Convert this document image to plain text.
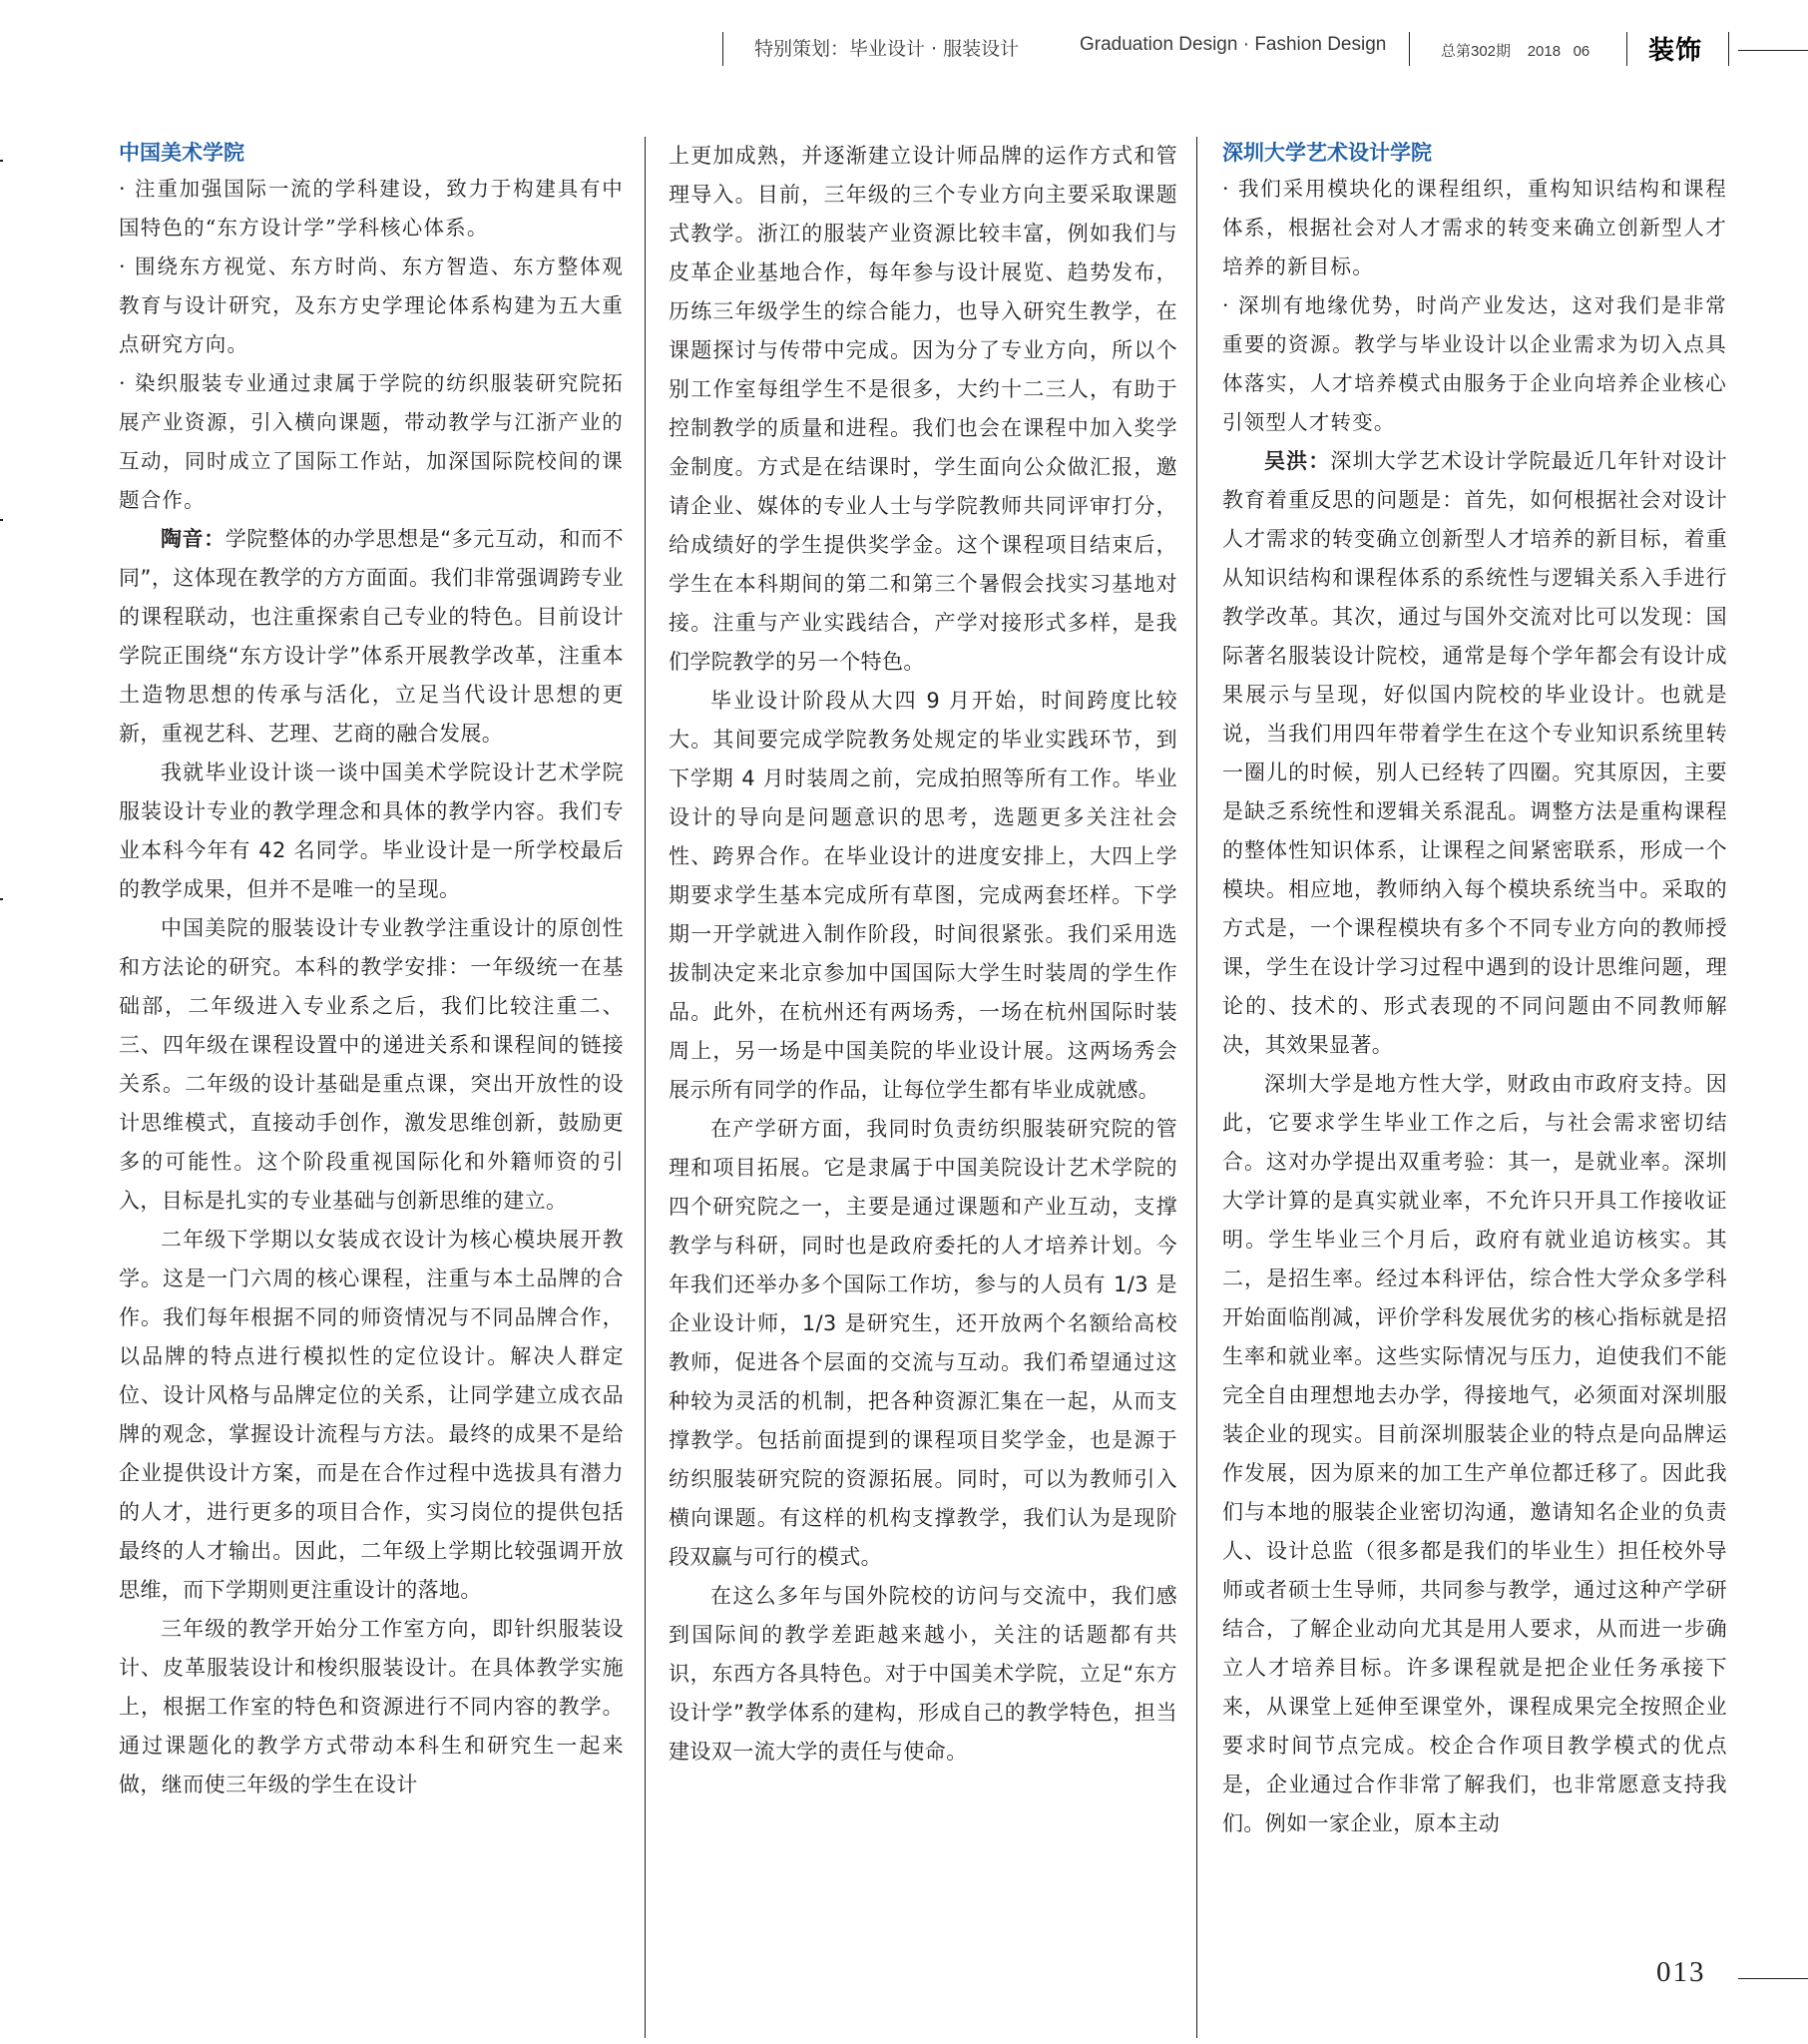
特别策划：毕业设计 · 服装设计	Graduation Design · Fashion Design	总第302期 2018 06 装饰
中国美术学院
· 注重加强国际一流的学科建设，致力于构建具有中国特色的“东方设计学”学科核心体系。
· 围绕东方视觉、东方时尚、东方智造、东方整体观教育与设计研究，及东方史学理论体系构建为五大重点研究方向。
· 染织服装专业通过隶属于学院的纺织服装研究院拓展产业资源，引入横向课题，带动教学与江浙产业的互动，同时成立了国际工作站，加深国际院校间的课题合作。

陶音：学院整体的办学思想是“多元互动，和而不同”，这体现在教学的方方面面。我们非常强调跨专业的课程联动，也注重探索自己专业的特色。目前设计学院正围绕“东方设计学”体系开展教学改革，注重本土造物思想的传承与活化，立足当代设计思想的更新，重视艺科、艺理、艺商的融合发展。

我就毕业设计谈一谈中国美术学院设计艺术学院服装设计专业的教学理念和具体的教学内容。我们专业本科今年有 42 名同学。毕业设计是一所学校最后的教学成果，但并不是唯一的呈现。

中国美院的服装设计专业教学注重设计的原创性和方法论的研究。本科的教学安排：一年级统一在基础部，二年级进入专业系之后，我们比较注重二、三、四年级在课程设置中的递进关系和课程间的链接关系。二年级的设计基础是重点课，突出开放性的设计思维模式，直接动手创作，激发思维创新，鼓励更多的可能性。这个阶段重视国际化和外籍师资的引入，目标是扎实的专业基础与创新思维的建立。

二年级下学期以女装成衣设计为核心模块展开教学。这是一门六周的核心课程，注重与本土品牌的合作。我们每年根据不同的师资情况与不同品牌合作，以品牌的特点进行模拟性的定位设计。解决人群定位、设计风格与品牌定位的关系，让同学建立成衣品牌的观念，掌握设计流程与方法。最终的成果不是给企业提供设计方案，而是在合作过程中选拔具有潜力的人才，进行更多的项目合作，实习岗位的提供包括最终的人才输出。因此，二年级上学期比较强调开放思维，而下学期则更注重设计的落地。

三年级的教学开始分工作室方向，即针织服装设计、皮革服装设计和梭织服装设计。在具体教学实施上，根据工作室的特色和资源进行不同内容的教学。通过课题化的教学方式带动本科生和研究生一起来做，继而使三年级的学生在设计

上更加成熟，并逐渐建立设计师品牌的运作方式和管理导入。目前，三年级的三个专业方向主要采取课题式教学。浙江的服装产业资源比较丰富，例如我们与皮革企业基地合作，每年参与设计展览、趋势发布，历练三年级学生的综合能力，也导入研究生教学，在课题探讨与传带中完成。因为分了专业方向，所以个别工作室每组学生不是很多，大约十二三人，有助于控制教学的质量和进程。我们也会在课程中加入奖学金制度。方式是在结课时，学生面向公众做汇报，邀请企业、媒体的专业人士与学院教师共同评审打分，给成绩好的学生提供奖学金。这个课程项目结束后，学生在本科期间的第二和第三个暑假会找实习基地对接。注重与产业实践结合，产学对接形式多样，是我们学院教学的另一个特色。

毕业设计阶段从大四 9 月开始，时间跨度比较大。其间要完成学院教务处规定的毕业实践环节，到下学期 4 月时装周之前，完成拍照等所有工作。毕业设计的导向是问题意识的思考，选题更多关注社会性、跨界合作。在毕业设计的进度安排上，大四上学期要求学生基本完成所有草图，完成两套坯样。下学期一开学就进入制作阶段，时间很紧张。我们采用选拔制决定来北京参加中国国际大学生时装周的学生作品。此外，在杭州还有两场秀，一场在杭州国际时装周上，另一场是中国美院的毕业设计展。这两场秀会展示所有同学的作品，让每位学生都有毕业成就感。

在产学研方面，我同时负责纺织服装研究院的管理和项目拓展。它是隶属于中国美院设计艺术学院的四个研究院之一，主要是通过课题和产业互动，支撑教学与科研，同时也是政府委托的人才培养计划。今年我们还举办多个国际工作坊，参与的人员有 1/3 是企业设计师，1/3 是研究生，还开放两个名额给高校教师，促进各个层面的交流与互动。我们希望通过这种较为灵活的机制，把各种资源汇集在一起，从而支撑教学。包括前面提到的课程项目奖学金，也是源于纺织服装研究院的资源拓展。同时，可以为教师引入横向课题。有这样的机构支撑教学，我们认为是现阶段双赢与可行的模式。

在这么多年与国外院校的访问与交流中，我们感到国际间的教学差距越来越小，关注的话题都有共识，东西方各具特色。对于中国美术学院，立足“东方设计学”教学体系的建构，形成自己的教学特色，担当建设双一流大学的责任与使命。

深圳大学艺术设计学院
· 我们采用模块化的课程组织，重构知识结构和课程体系，根据社会对人才需求的转变来确立创新型人才培养的新目标。
· 深圳有地缘优势，时尚产业发达，这对我们是非常重要的资源。教学与毕业设计以企业需求为切入点具体落实，人才培养模式由服务于企业向培养企业核心引领型人才转变。

吴洪：深圳大学艺术设计学院最近几年针对设计教育着重反思的问题是：首先，如何根据社会对设计人才需求的转变确立创新型人才培养的新目标，着重从知识结构和课程体系的系统性与逻辑关系入手进行教学改革。其次，通过与国外交流对比可以发现：国际著名服装设计院校，通常是每个学年都会有设计成果展示与呈现，好似国内院校的毕业设计。也就是说，当我们用四年带着学生在这个专业知识系统里转一圈儿的时候，别人已经转了四圈。究其原因，主要是缺乏系统性和逻辑关系混乱。调整方法是重构课程的整体性知识体系，让课程之间紧密联系，形成一个模块。相应地，教师纳入每个模块系统当中。采取的方式是，一个课程模块有多个不同专业方向的教师授课，学生在设计学习过程中遇到的设计思维问题，理论的、技术的、形式表现的不同问题由不同教师解决，其效果显著。

深圳大学是地方性大学，财政由市政府支持。因此，它要求学生毕业工作之后，与社会需求密切结合。这对办学提出双重考验：其一，是就业率。深圳大学计算的是真实就业率，不允许只开具工作接收证明。学生毕业三个月后，政府有就业追访核实。其二，是招生率。经过本科评估，综合性大学众多学科开始面临削减，评价学科发展优劣的核心指标就是招生率和就业率。这些实际情况与压力，迫使我们不能完全自由理想地去办学，得接地气，必须面对深圳服装企业的现实。目前深圳服装企业的特点是向品牌运作发展，因为原来的加工生产单位都迁移了。因此我们与本地的服装企业密切沟通，邀请知名企业的负责人、设计总监（很多都是我们的毕业生）担任校外导师或者硕士生导师，共同参与教学，通过这种产学研结合，了解企业动向尤其是用人要求，从而进一步确立人才培养目标。许多课程就是把企业任务承接下来，从课堂上延伸至课堂外，课程成果完全按照企业要求时间节点完成。校企合作项目教学模式的优点是，企业通过合作非常了解我们，也非常愿意支持我们。例如一家企业，原本主动

013
